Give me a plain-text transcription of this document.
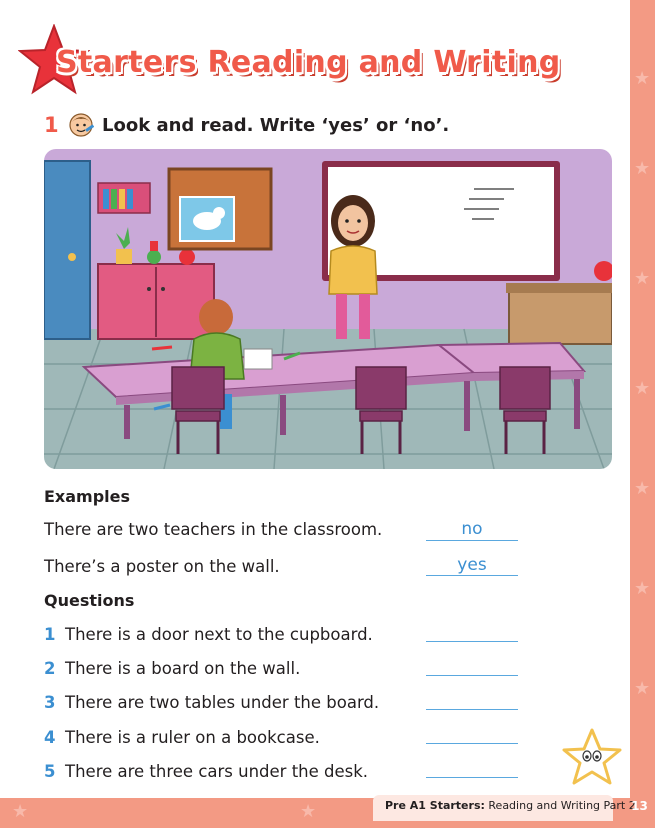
★
★
★
★
★
★
★
★	★
Starters Reading and Writing
1 Look and read. Write ‘yes’ or ‘no’.
Examples
There are two teachers in the classroom.	no
There’s a poster on the wall.	yes
Questions
1 There is a door next to the cupboard.
2 There is a board on the wall.
3 There are two tables under the board.
4 There is a ruler on a bookcase.
5 There are three cars under the desk.
Pre A1 Starters: Reading and Writing Part 2
13
